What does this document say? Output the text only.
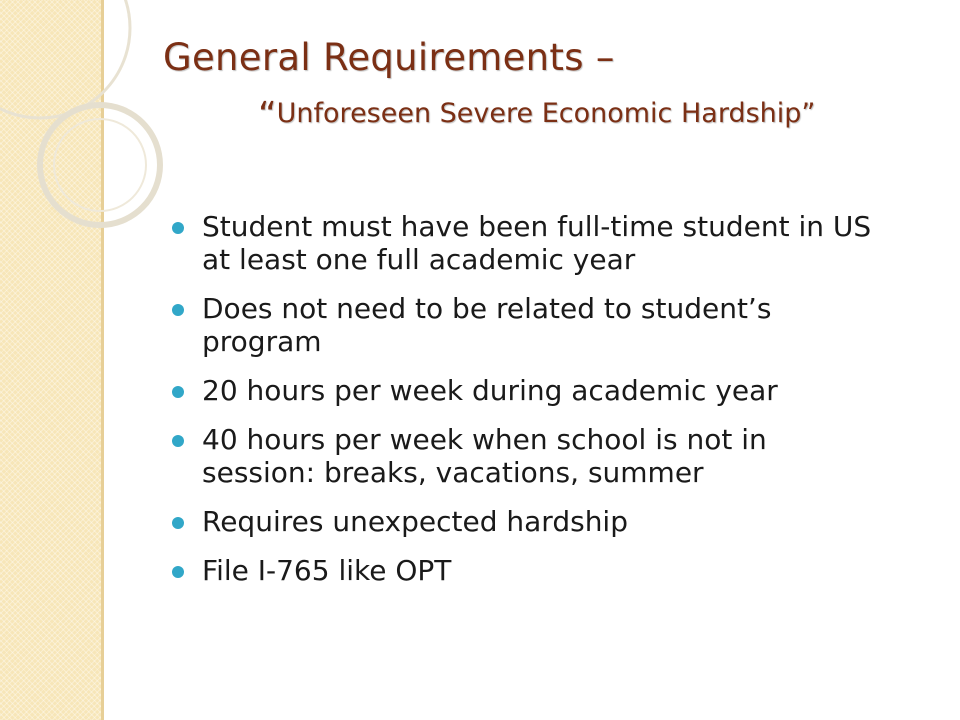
General Requirements –
“Unforeseen Severe Economic Hardship”
Student must have been full-time student in US at least one full academic year
Does not need to be related to student’s program
20 hours per week during academic year
40 hours per week when school is not in session: breaks, vacations, summer
Requires unexpected hardship
File I-765 like OPT
